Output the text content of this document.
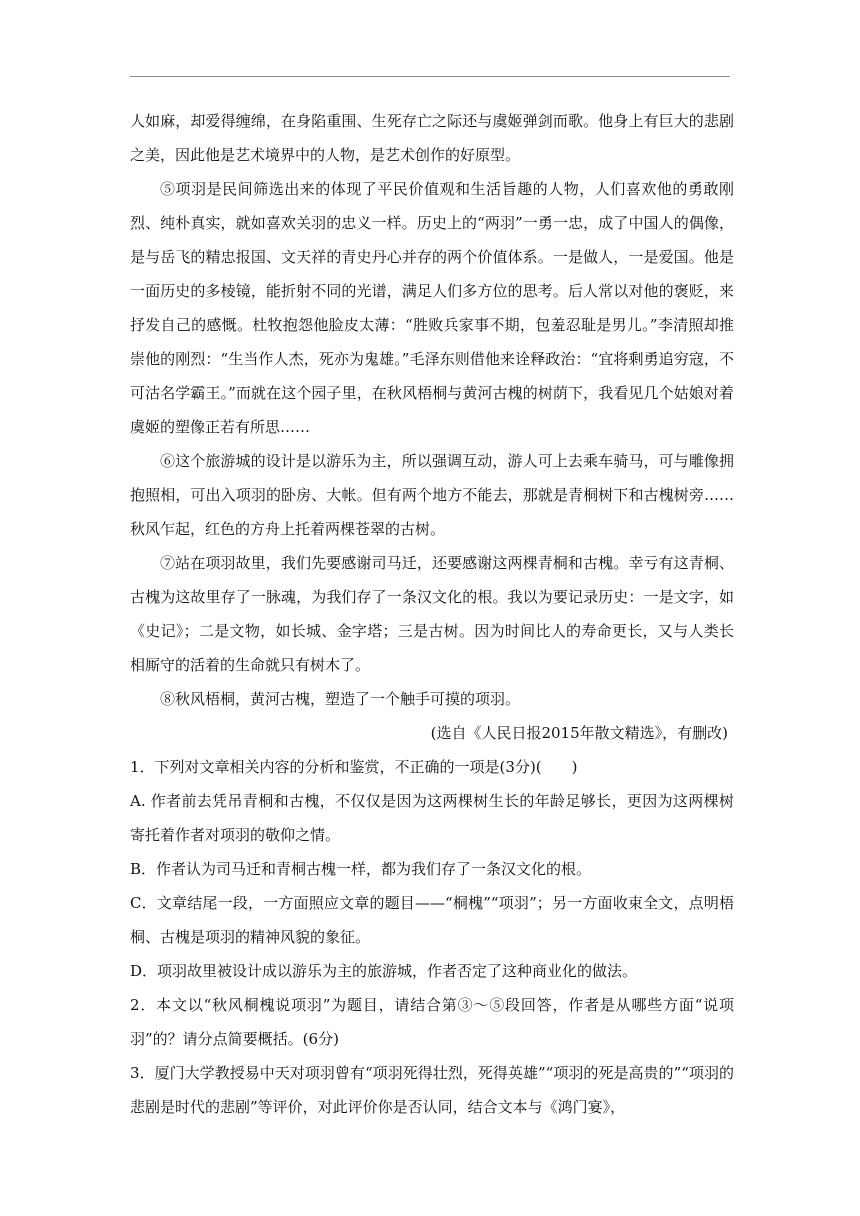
人如麻，却爱得缠绵，在身陷重围、生死存亡之际还与虞姬弹剑而歌。他身上有巨大的悲剧之美，因此他是艺术境界中的人物，是艺术创作的好原型。

⑤项羽是民间筛选出来的体现了平民价值观和生活旨趣的人物，人们喜欢他的勇敢刚烈、纯朴真实，就如喜欢关羽的忠义一样。历史上的“两羽”一勇一忠，成了中国人的偶像，是与岳飞的精忠报国、文天祥的青史丹心并存的两个价值体系。一是做人，一是爱国。他是一面历史的多棱镜，能折射不同的光谱，满足人们多方位的思考。后人常以对他的褒贬，来抒发自己的感慨。杜牧抱怨他脸皮太薄：“胜败兵家事不期，包羞忍耻是男儿。”李清照却推崇他的刚烈：“生当作人杰，死亦为鬼雄。”毛泽东则借他来诠释政治：“宜将剩勇追穷寇，不可沽名学霸王。”而就在这个园子里，在秋风梧桐与黄河古槐的树荫下，我看见几个姑娘对着虞姬的塑像正若有所思……

⑥这个旅游城的设计是以游乐为主，所以强调互动，游人可上去乘车骑马，可与雕像拥抱照相，可出入项羽的卧房、大帐。但有两个地方不能去，那就是青桐树下和古槐树旁……秋风乍起，红色的方舟上托着两棵苍翠的古树。

⑦站在项羽故里，我们先要感谢司马迁，还要感谢这两棵青桐和古槐。幸亏有这青桐、古槐为这故里存了一脉魂，为我们存了一条汉文化的根。我以为要记录历史：一是文字，如《史记》；二是文物，如长城、金字塔；三是古树。因为时间比人的寿命更长，又与人类长相厮守的活着的生命就只有树木了。

⑧秋风梧桐，黄河古槐，塑造了一个触手可摸的项羽。

(选自《人民日报2015年散文精选》，有删改)

1．下列对文章相关内容的分析和鉴赏，不正确的一项是(3分)(　　)

A. 作者前去凭吊青桐和古槐，不仅仅是因为这两棵树生长的年龄足够长，更因为这两棵树寄托着作者对项羽的敬仰之情。

B．作者认为司马迁和青桐古槐一样，都为我们存了一条汉文化的根。

C．文章结尾一段，一方面照应文章的题目——“桐槐”“项羽”；另一方面收束全文，点明梧桐、古槐是项羽的精神风貌的象征。

D．项羽故里被设计成以游乐为主的旅游城，作者否定了这种商业化的做法。

2．本文以“秋风桐槐说项羽”为题目，请结合第③～⑤段回答，作者是从哪些方面“说项羽”的？请分点简要概括。(6分)

3．厦门大学教授易中天对项羽曾有“项羽死得壮烈，死得英雄”“项羽的死是高贵的”“项羽的悲剧是时代的悲剧”等评价，对此评价你是否认同，结合文本与《鸿门宴》，
